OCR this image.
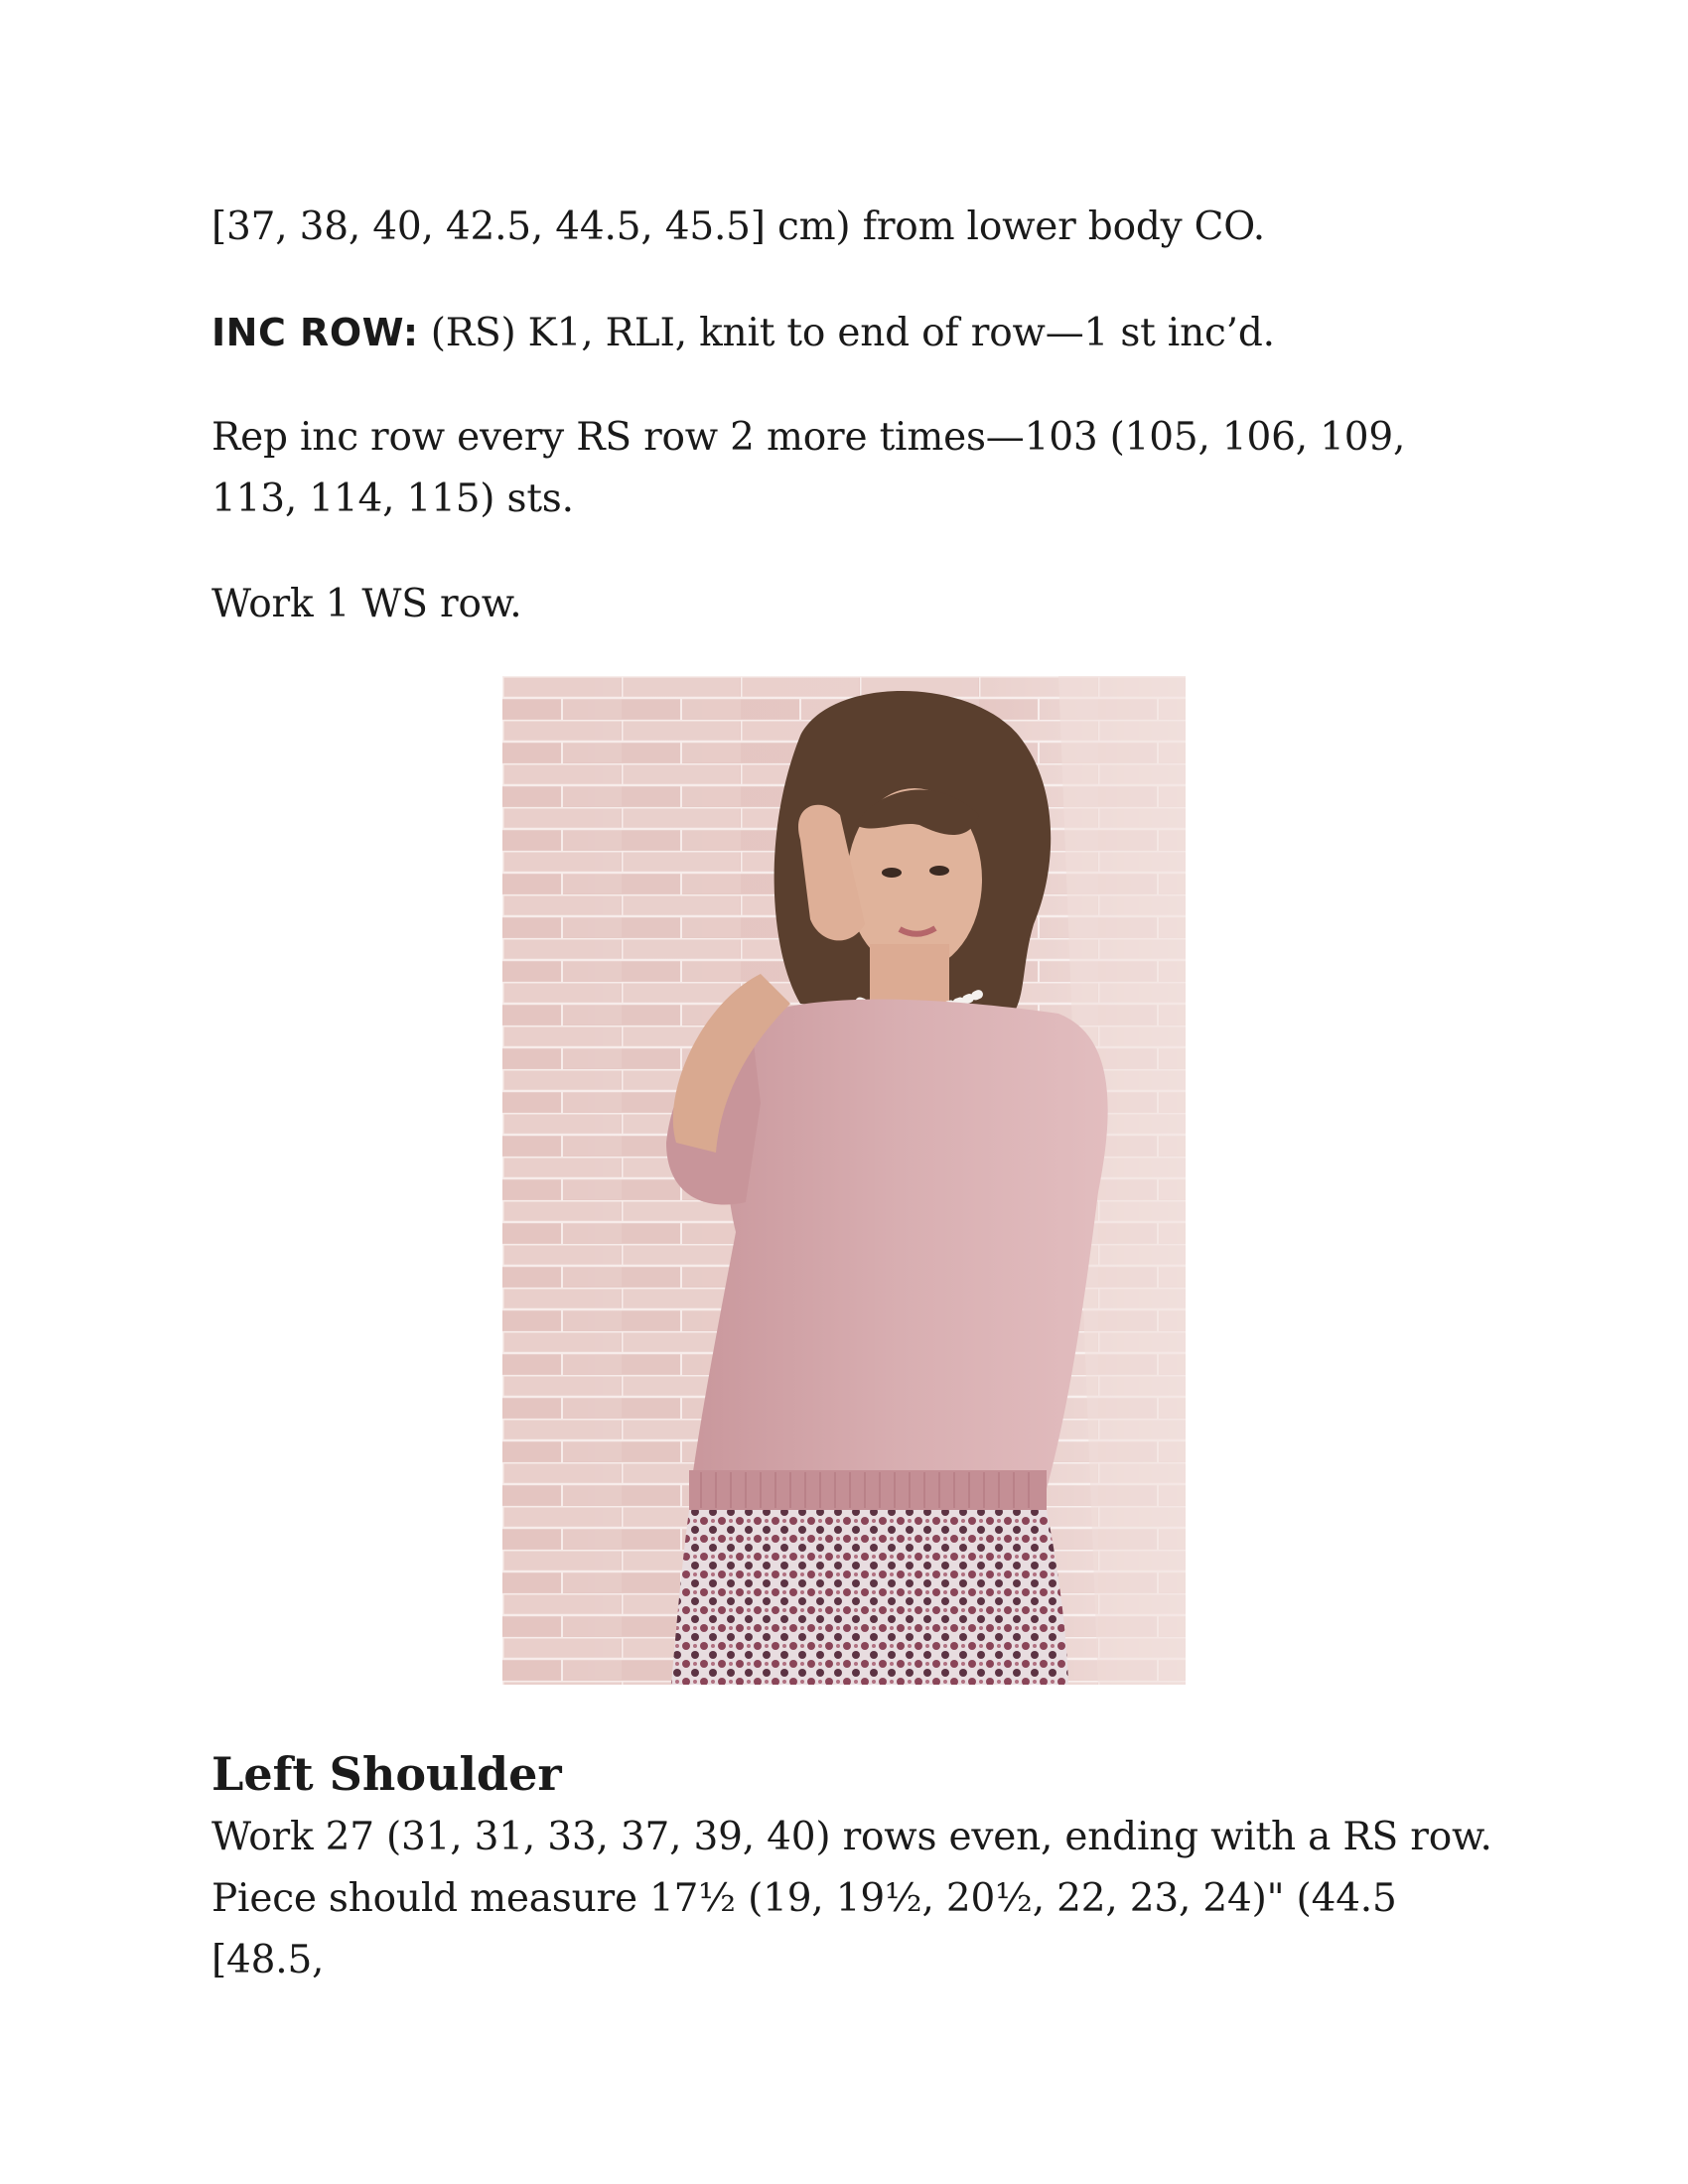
[37, 38, 40, 42.5, 44.5, 45.5] cm) from lower body CO.

INC ROW: (RS) K1, RLI, knit to end of row—1 st inc’d.

Rep inc row every RS row 2 more times—103 (105, 106, 109, 113, 114, 115) sts.

Work 1 WS row.

Left Shoulder

Work 27 (31, 31, 33, 37, 39, 40) rows even, ending with a RS row. Piece should measure 17½ (19, 19½, 20½, 22, 23, 24)" (44.5 [48.5,
